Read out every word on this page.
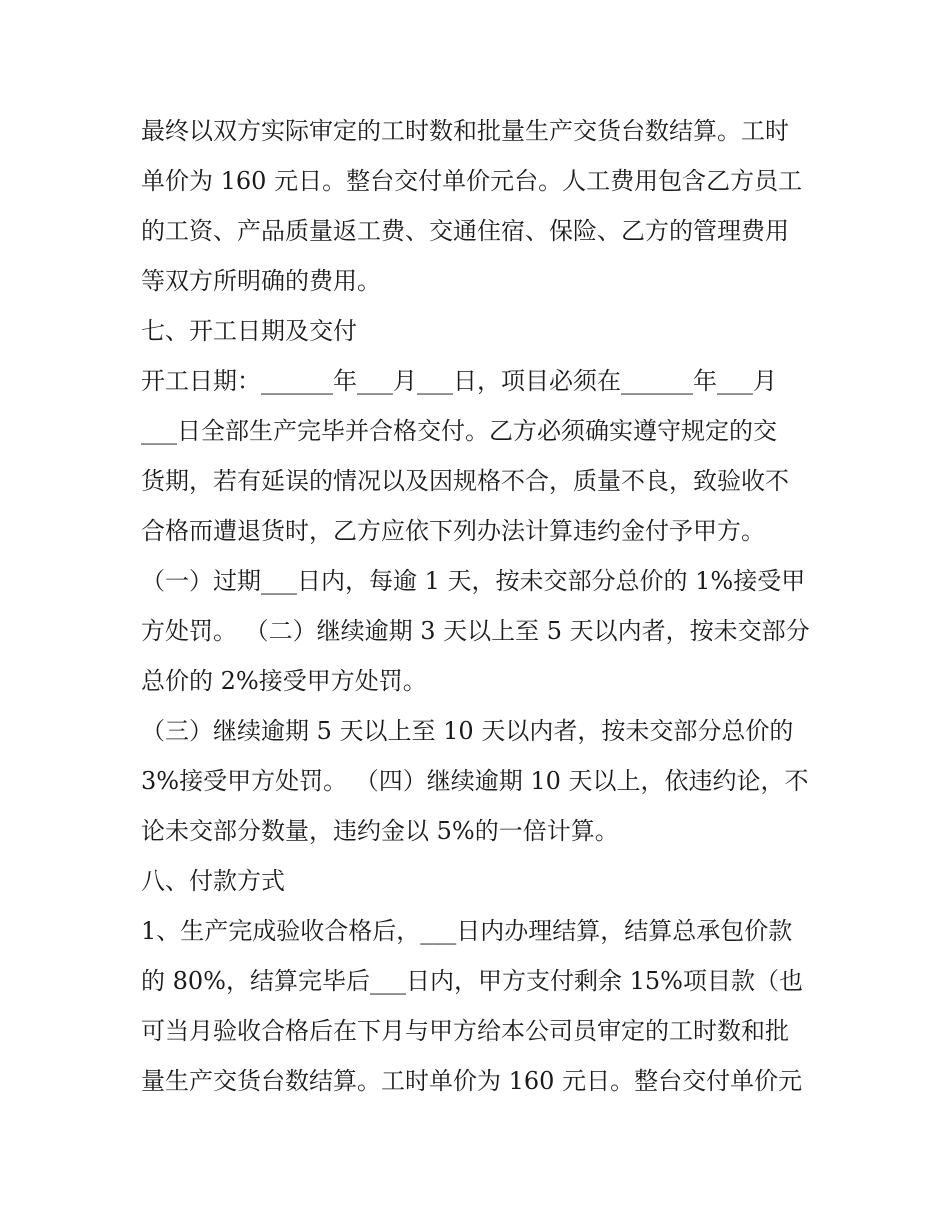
最终以双方实际审定的工时数和批量生产交货台数结算。工时
单价为 160 元日。整台交付单价元台。人工费用包含乙方员工
的工资、产品质量返工费、交通住宿、保险、乙方的管理费用
等双方所明确的费用。
七、开工日期及交付
开工日期：______年___月___日，项目必须在______年___月
___日全部生产完毕并合格交付。乙方必须确实遵守规定的交
货期，若有延误的情况以及因规格不合，质量不良，致验收不
合格而遭退货时，乙方应依下列办法计算违约金付予甲方。
（一）过期___日内，每逾 1 天，按未交部分总价的 1%接受甲
方处罚。 （二）继续逾期 3 天以上至 5 天以内者，按未交部分
总价的 2%接受甲方处罚。
（三）继续逾期 5 天以上至 10 天以内者，按未交部分总价的
3%接受甲方处罚。 （四）继续逾期 10 天以上，依违约论，不
论未交部分数量，违约金以 5%的一倍计算。
八、付款方式
1、生产完成验收合格后，___日内办理结算，结算总承包价款
的 80%，结算完毕后___日内，甲方支付剩余 15%项目款（也
可当月验收合格后在下月与甲方给本公司员审定的工时数和批
量生产交货台数结算。工时单价为 160 元日。整台交付单价元
